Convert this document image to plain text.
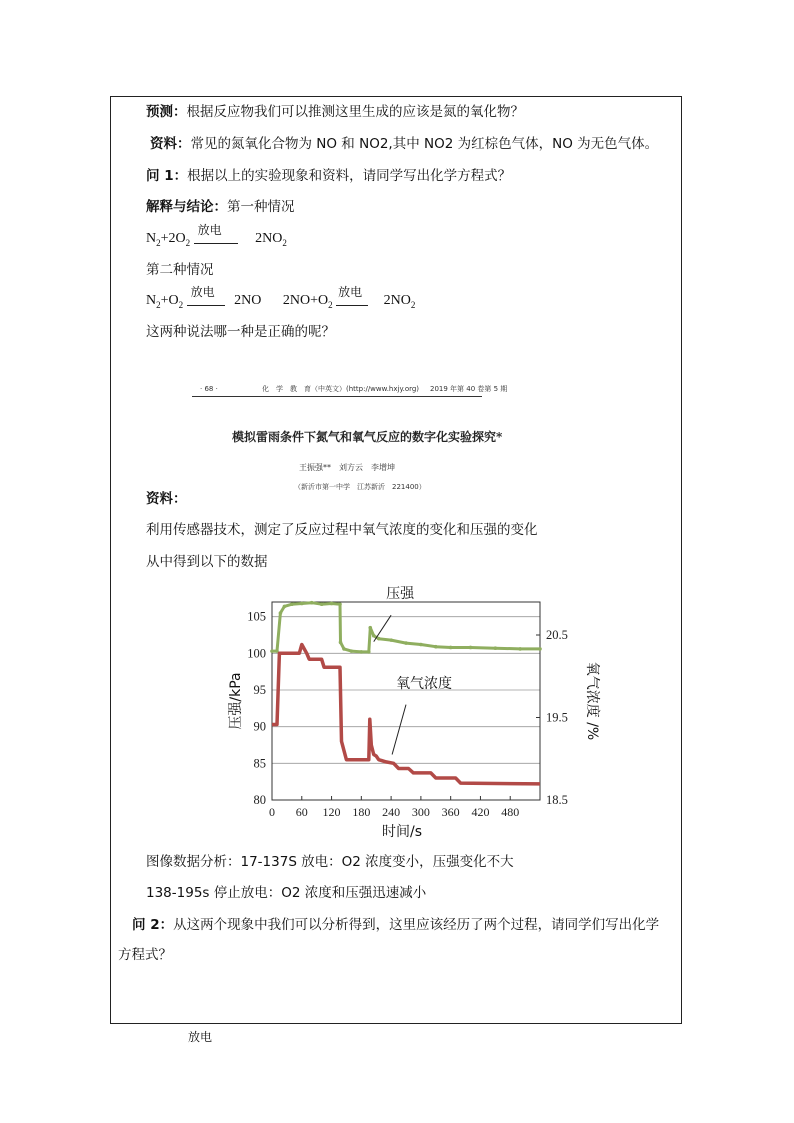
预测：根据反应物我们可以推测这里生成的应该是氮的氧化物？
资料：常见的氮氧化合物为 NO 和 NO2,其中 NO2 为红棕色气体，NO 为无色气体。
问 1：根据以上的实验现象和资料，请同学写出化学方程式？
解释与结论：第一种情况
$N_2+2O_2$
放电
$2NO_2$
第二种情况
$N_2+O_2$
放电
2NO $2NO+O_2$
放电
$2NO_2$
这两种说法哪一种是正确的呢？
· 68 ·	化　学　教　育（中英文）(http://www.hxjy.org) 2019 年第 40 卷第 5 期
模拟雷雨条件下氮气和氧气反应的数字化实验探究*
王振强**　刘方云　李增坤
（新沂市第一中学　江苏新沂　221400）
资料：
利用传感器技术，测定了反应过程中氧气浓度的变化和压强的变化
从中得到以下的数据
0 60 120 180 240 300 360 420 480
80
85
90
95
100
105
18.5
19.5
20.5
压强
氧气浓度
时间/s
压强/kPa	氧气浓度 /%
图像数据分析：17-137S 放电：O2 浓度变小，压强变化不大
138-195s 停止放电：O2 浓度和压强迅速减小
问 2：从这两个现象中我们可以分析得到，这里应该经历了两个过程，请同学们写出化学
方程式？
放电
